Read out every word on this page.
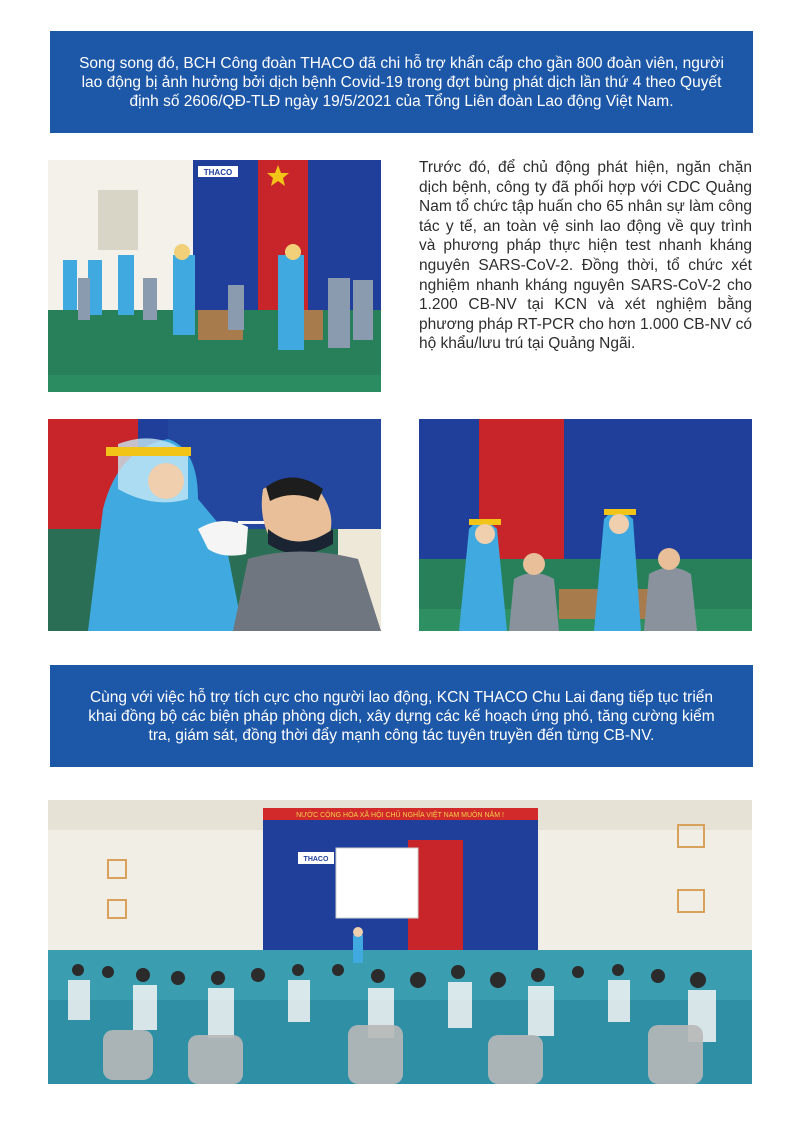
Song song đó, BCH Công đoàn THACO đã chi hỗ trợ khẩn cấp cho gần 800 đoàn viên, người lao động bị ảnh hưởng bởi dịch bệnh Covid-19 trong đợt bùng phát dịch lần thứ 4 theo Quyết định số 2606/QĐ-TLĐ ngày 19/5/2021 của Tổng Liên đoàn Lao động Việt Nam.
THACO	Trước đó, để chủ động phát hiện, ngăn chặn dịch bệnh, công ty đã phối hợp với CDC Quảng Nam tổ chức tập huấn cho 65 nhân sự làm công tác y tế, an toàn vệ sinh lao động về quy trình và phương pháp thực hiện test nhanh kháng nguyên SARS-CoV-2. Đồng thời, tổ chức xét nghiệm nhanh kháng nguyên SARS-CoV-2 cho 1.200 CB-NV tại KCN và xét nghiệm bằng phương pháp RT-PCR cho hơn 1.000 CB-NV có hộ khẩu/lưu trú tại Quảng Ngãi.
Cùng với việc hỗ trợ tích cực cho người lao động, KCN THACO Chu Lai đang tiếp tục triển khai đồng bộ các biện pháp phòng dịch, xây dựng các kế hoạch ứng phó, tăng cường kiểm tra, giám sát, đồng thời đẩy mạnh công tác tuyên truyền đến từng CB-NV.
NƯỚC CỘNG HÒA XÃ HỘI CHỦ NGHĨA VIỆT NAM MUÔN NĂM !
THACO
